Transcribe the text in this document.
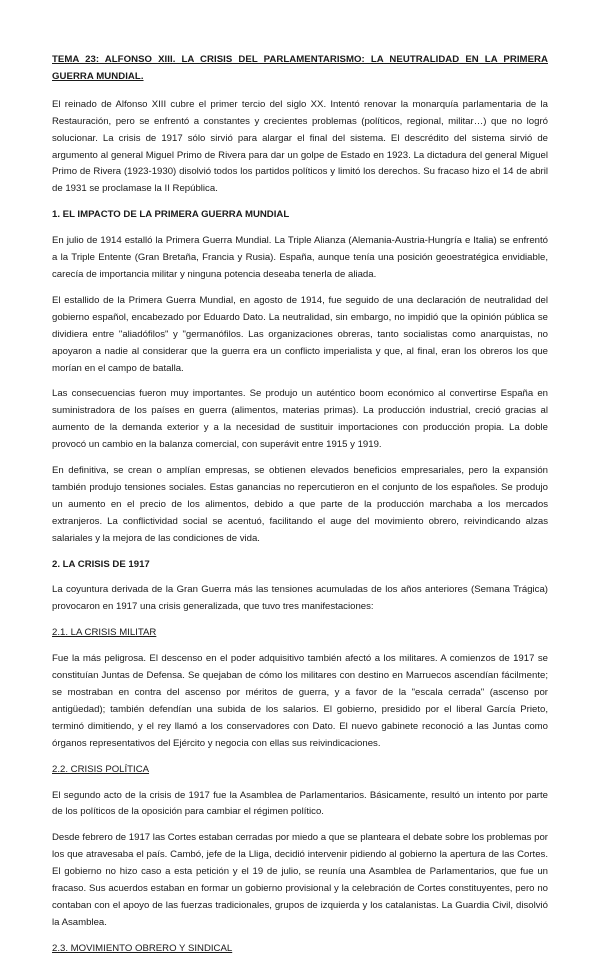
TEMA 23: ALFONSO XIII. LA CRISIS DEL PARLAMENTARISMO: LA NEUTRALIDAD EN LA PRIMERA GUERRA MUNDIAL.

El reinado de Alfonso XIII cubre el primer tercio del siglo XX. Intentó renovar la monarquía parlamentaria de la Restauración, pero se enfrentó a constantes y crecientes problemas (políticos, regional, militar…) que no logró solucionar. La crisis de 1917 sólo sirvió para alargar el final del sistema. El descrédito del sistema sirvió de argumento al general Miguel Primo de Rivera para dar un golpe de Estado en 1923. La dictadura del general Miguel Primo de Rivera (1923-1930) disolvió todos los partidos políticos y limitó los derechos. Su fracaso hizo el 14 de abril de 1931 se proclamase la II República.

1. EL IMPACTO DE LA PRIMERA GUERRA MUNDIAL

En julio de 1914 estalló la Primera Guerra Mundial. La Triple Alianza (Alemania-Austria-Hungría e Italia) se enfrentó a la Triple Entente (Gran Bretaña, Francia y Rusia). España, aunque tenía una posición geoestratégica envidiable, carecía de importancia militar y ninguna potencia deseaba tenerla de aliada.

El estallido de la Primera Guerra Mundial, en agosto de 1914, fue seguido de una declaración de neutralidad del gobierno español, encabezado por Eduardo Dato. La neutralidad, sin embargo, no impidió que la opinión pública se dividiera entre "aliadófilos" y "germanófilos. Las organizaciones obreras, tanto socialistas como anarquistas, no apoyaron a nadie al considerar que la guerra era un conflicto imperialista y que, al final, eran los obreros los que morían en el campo de batalla.

Las consecuencias fueron muy importantes. Se produjo un auténtico boom económico al convertirse España en suministradora de los países en guerra (alimentos, materias primas). La producción industrial, creció gracias al aumento de la demanda exterior y a la necesidad de sustituir importaciones con producción propia. La doble provocó un cambio en la balanza comercial, con superávit entre 1915 y 1919.

En definitiva, se crean o amplían empresas, se obtienen elevados beneficios empresariales, pero la expansión también produjo tensiones sociales. Estas ganancias no repercutieron en el conjunto de los españoles. Se produjo un aumento en el precio de los alimentos, debido a que parte de la producción marchaba a los mercados extranjeros. La conflictividad social se acentuó, facilitando el auge del movimiento obrero, reivindicando alzas salariales y la mejora de las condiciones de vida.

2. LA CRISIS DE 1917

La coyuntura derivada de la Gran Guerra más las tensiones acumuladas de los años anteriores (Semana Trágica) provocaron en 1917 una crisis generalizada, que tuvo tres manifestaciones:

2.1. LA CRISIS MILITAR

Fue la más peligrosa. El descenso en el poder adquisitivo también afectó a los militares. A comienzos de 1917 se constituían Juntas de Defensa. Se quejaban de cómo los militares con destino en Marruecos ascendían fácilmente; se mostraban en contra del ascenso por méritos de guerra, y a favor de la "escala cerrada" (ascenso por antigüedad); también defendían una subida de los salarios. El gobierno, presidido por el liberal García Prieto, terminó dimitiendo, y el rey llamó a los conservadores con Dato. El nuevo gabinete reconoció a las Juntas como órganos representativos del Ejército y negocia con ellas sus reivindicaciones.

2.2. CRISIS POLÍTICA

El segundo acto de la crisis de 1917 fue la Asamblea de Parlamentarios. Básicamente, resultó un intento por parte de los políticos de la oposición para cambiar el régimen político.

Desde febrero de 1917 las Cortes estaban cerradas por miedo a que se planteara el debate sobre los problemas por los que atravesaba el país. Cambó, jefe de la Lliga, decidió intervenir pidiendo al gobierno la apertura de las Cortes. El gobierno no hizo caso a esta petición y el 19 de julio, se reunía una Asamblea de Parlamentarios, que fue un fracaso. Sus acuerdos estaban en formar un gobierno provisional y la celebración de Cortes constituyentes, pero no contaban con el apoyo de las fuerzas tradicionales, grupos de izquierda y los catalanistas. La Guardia Civil, disolvió la Asamblea.

2.3. MOVIMIENTO OBRERO Y SINDICAL
